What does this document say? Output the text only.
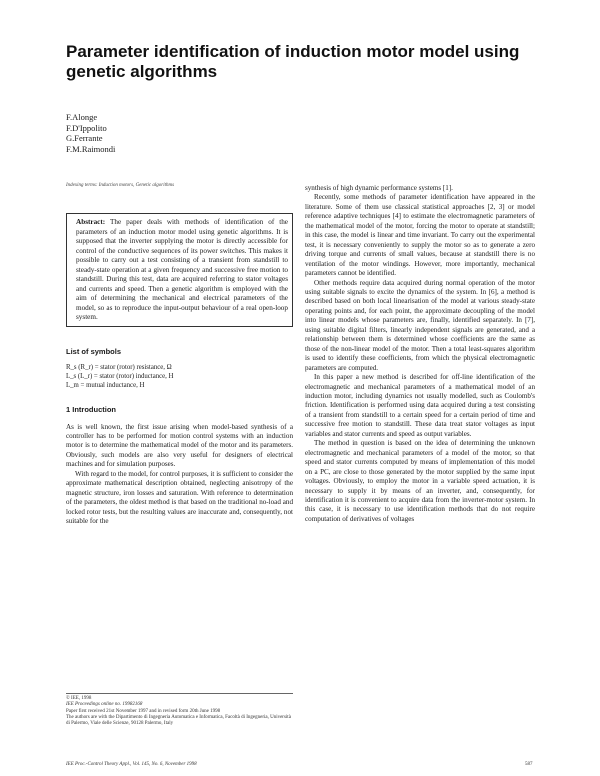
Parameter identification of induction motor model using genetic algorithms
F.Alonge
F.D'Ippolito
G.Ferrante
F.M.Raimondi
Indexing terms: Induction motors, Genetic algorithms
Abstract: The paper deals with methods of identification of the parameters of an induction motor model using genetic algorithms. It is supposed that the inverter supplying the motor is directly accessible for control of the conductive sequences of its power switches. This makes it possible to carry out a test consisting of a transient from standstill to steady-state operation at a given frequency and successive free motion to standstill. During this test, data are acquired referring to stator voltages and currents and speed. Then a genetic algorithm is employed with the aim of determining the mechanical and electrical parameters of the model, so as to reproduce the input-output behaviour of a real open-loop system.

List of symbols

R_s (R_r) = stator (rotor) resistance, Ω
L_s (L_r) = stator (rotor) inductance, H
L_m = mutual inductance, H

1 Introduction

As is well known, the first issue arising when model-based synthesis of a controller has to be performed for motion control systems with an induction motor is to determine the mathematical model of the motor and its parameters. Obviously, such models are also very useful for designers of electrical machines and for simulation purposes.

With regard to the model, for control purposes, it is sufficient to consider the approximate mathematical description obtained, neglecting anisotropy of the magnetic structure, iron losses and saturation. With reference to determination of the parameters, the oldest method is that based on the traditional no-load and locked rotor tests, but the resulting values are inaccurate and, consequently, not suitable for the

© IEE, 1998
IEE Proceedings online no. 19982168
Paper first received 21st November 1997 and in revised form 20th June 1998
The authors are with the Dipartimento di Ingegneria Automatica e Informatica, Facoltà di Ingegneria, Università di Palermo, Viale delle Scienze, 90128 Palermo, Italy

synthesis of high dynamic performance systems [1].

Recently, some methods of parameter identification have appeared in the literature. Some of them use classical statistical approaches [2, 3] or model reference adaptive techniques [4] to estimate the electromagnetic parameters of the mathematical model of the motor, forcing the motor to operate at standstill; in this case, the model is linear and time invariant. To carry out the experimental test, it is necessary conveniently to supply the motor so as to generate a zero driving torque and currents of small values, because at standstill there is no ventilation of the motor windings. However, more importantly, mechanical parameters cannot be identified.

Other methods require data acquired during normal operation of the motor using suitable signals to excite the dynamics of the system. In [6], a method is described based on both local linearisation of the model at various steady-state operating points and, for each point, the approximate decoupling of the model into linear models whose parameters are, finally, identified separately. In [7], using suitable digital filters, linearly independent signals are generated, and a relationship between them is determined whose coefficients are the same as those of the non-linear model of the motor. Then a total least-squares algorithm is used to identify these coefficients, from which the physical electromagnetic parameters are computed.

In this paper a new method is described for off-line identification of the electromagnetic and mechanical parameters of a mathematical model of an induction motor, including dynamics not usually modelled, such as Coulomb's friction. Identification is performed using data acquired during a test consisting of a transient from standstill to a certain speed for a certain period of time and successive free motion to standstill. These data treat stator voltages as input variables and stator currents and speed as output variables.

The method in question is based on the idea of determining the unknown electromagnetic and mechanical parameters of a model of the motor, so that speed and stator currents computed by means of implementation of this model on a PC, are close to those generated by the motor supplied by the same input voltages. Obviously, to employ the motor in a variable speed actuation, it is necessary to supply it by means of an inverter, and, consequently, for identification it is convenient to acquire data from the inverter-motor system. In this case, it is necessary to use identification methods that do not require computation of derivatives of voltages

IEE Proc.-Control Theory Appl., Vol. 145, No. 6, November 1998	587
